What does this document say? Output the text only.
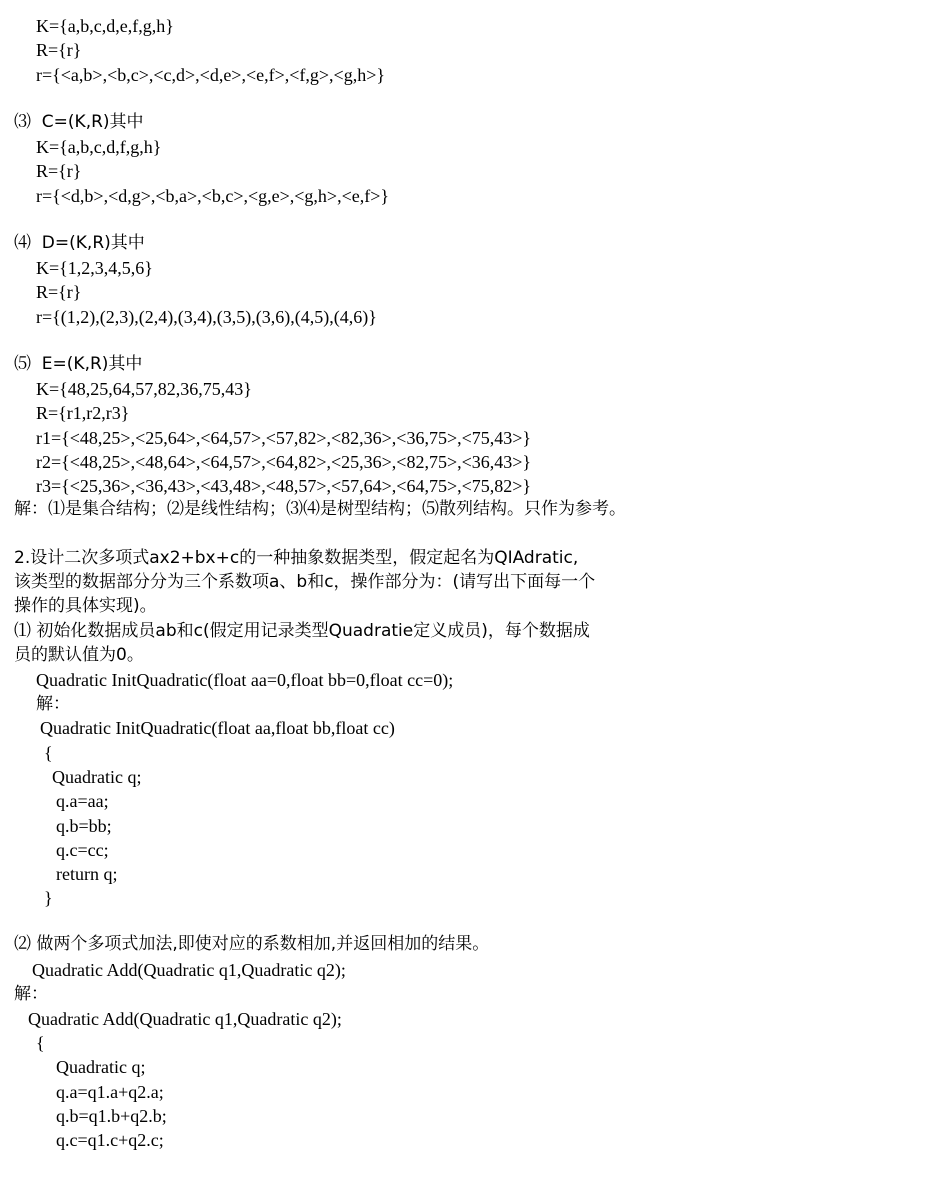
K={a,b,c,d,e,f,g,h}
R={r}
r={<a,b>,<b,c>,<c,d>,<d,e>,<e,f>,<f,g>,<g,h>}
⑶  C=(K,R)其中
K={a,b,c,d,f,g,h}
R={r}
r={<d,b>,<d,g>,<b,a>,<b,c>,<g,e>,<g,h>,<e,f>}
⑷  D=(K,R)其中
K={1,2,3,4,5,6}
R={r}
r={(1,2),(2,3),(2,4),(3,4),(3,5),(3,6),(4,5),(4,6)}
⑸  E=(K,R)其中
K={48,25,64,57,82,36,75,43}
R={r1,r2,r3}
r1={<48,25>,<25,64>,<64,57>,<57,82>,<82,36>,<36,75>,<75,43>}
r2={<48,25>,<48,64>,<64,57>,<64,82>,<25,36>,<82,75>,<36,43>}
r3={<25,36>,<36,43>,<43,48>,<48,57>,<57,64>,<64,75>,<75,82>}
解：⑴是集合结构；⑵是线性结构；⑶⑷是树型结构；⑸散列结构。只作为参考。
2.设计二次多项式ax2+bx+c的一种抽象数据类型，假定起名为QIAdratic,
该类型的数据部分分为三个系数项a、b和c，操作部分为：(请写出下面每一个
操作的具体实现)。
⑴ 初始化数据成员ab和c(假定用记录类型Quadratie定义成员)，每个数据成
员的默认值为0。
Quadratic InitQuadratic(float aa=0,float bb=0,float cc=0);
解：
Quadratic InitQuadratic(float aa,float bb,float cc)
{
Quadratic q;
q.a=aa;
q.b=bb;
q.c=cc;
return q;
}
⑵ 做两个多项式加法,即使对应的系数相加,并返回相加的结果。
Quadratic Add(Quadratic q1,Quadratic q2);
解：
Quadratic Add(Quadratic q1,Quadratic q2);
{
Quadratic q;
q.a=q1.a+q2.a;
q.b=q1.b+q2.b;
q.c=q1.c+q2.c;
